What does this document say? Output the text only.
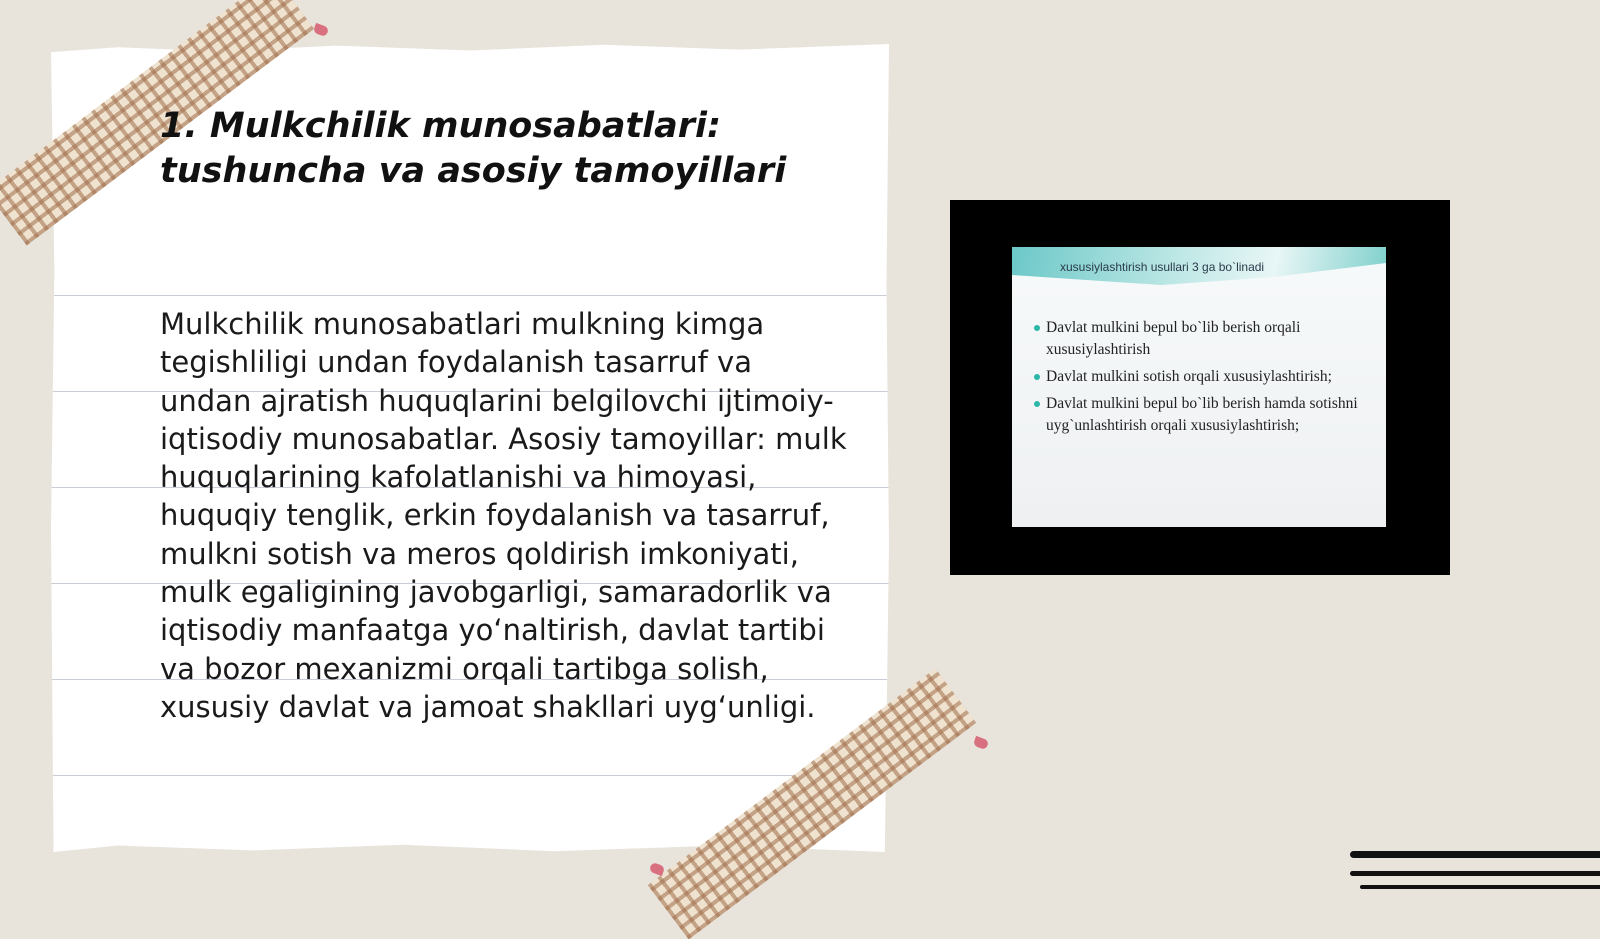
1. Mulkchilik munosabatlari: tushuncha va asosiy tamoyillari

Mulkchilik munosabatlari mulkning kimga tegishliligi undan foydalanish tasarruf va undan ajratish huquqlarini belgilovchi ijtimoiy-iqtisodiy munosabatlar. Asosiy tamoyillar: mulk huquqlarining kafolatlanishi va himoyasi, huquqiy tenglik, erkin foydalanish va tasarruf, mulkni sotish va meros qoldirish imkoniyati, mulk egaligining javobgarligi, samaradorlik va iqtisodiy manfaatga yo‘naltirish, davlat tartibi va bozor mexanizmi orqali tartibga solish, xususiy davlat va jamoat shakllari uyg‘unligi.

xususiylashtirish usullari 3 ga bo`linadi
Davlat mulkini bepul bo`lib berish orqali xususiylashtirish
Davlat mulkini sotish orqali xususiylashtirish;
Davlat mulkini bepul bo`lib berish hamda sotishni uyg`unlashtirish orqali xususiylashtirish;
